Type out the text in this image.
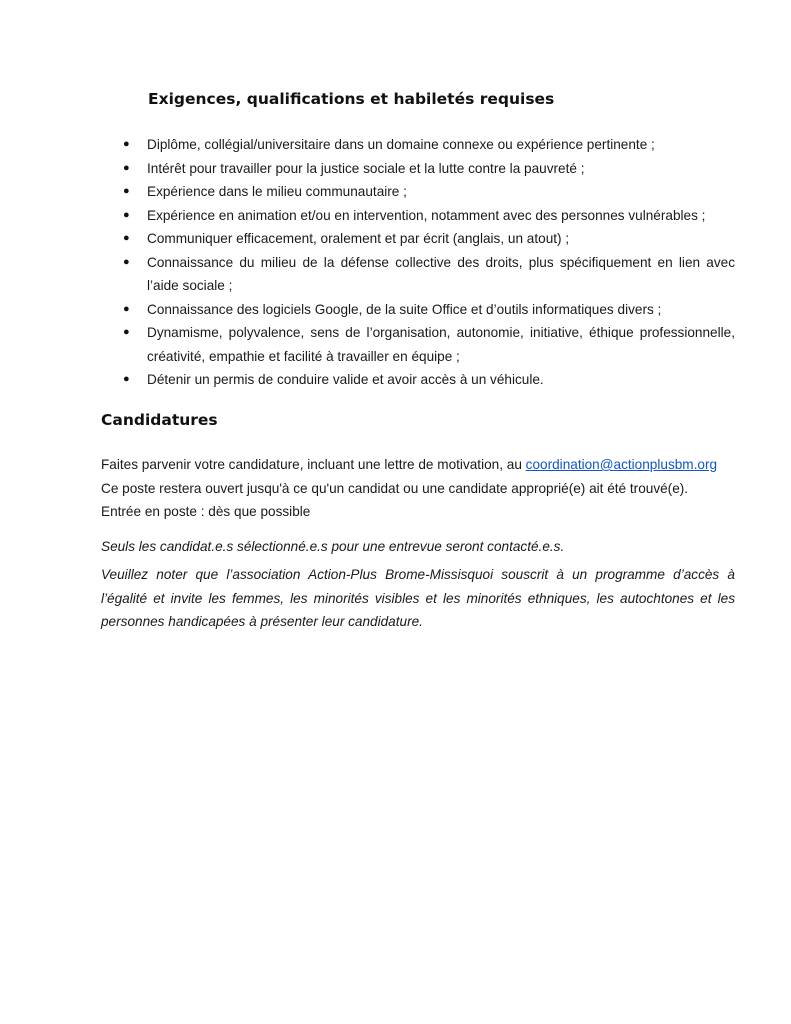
Exigences, qualifications et habiletés requises
● Diplôme, collégial/universitaire dans un domaine connexe ou expérience pertinente ;
● Intérêt pour travailler pour la justice sociale et la lutte contre la pauvreté ;
● Expérience dans le milieu communautaire ;
● Expérience en animation et/ou en intervention, notamment avec des personnes vulnérables ;
● Communiquer efficacement, oralement et par écrit (anglais, un atout) ;
● Connaissance du milieu de la défense collective des droits, plus spécifiquement en lien avec l’aide sociale ;
● Connaissance des logiciels Google, de la suite Office et d’outils informatiques divers ;
● Dynamisme, polyvalence, sens de l’organisation, autonomie, initiative, éthique professionnelle, créativité, empathie et facilité à travailler en équipe ;
● Détenir un permis de conduire valide et avoir accès à un véhicule.
Candidatures

Faites parvenir votre candidature, incluant une lettre de motivation, au coordination@actionplusbm.org

Ce poste restera ouvert jusqu'à ce qu'un candidat ou une candidate approprié(e) ait été trouvé(e).

Entrée en poste : dès que possible

Seuls les candidat.e.s sélectionné.e.s pour une entrevue seront contacté.e.s.

Veuillez noter que l’association Action-Plus Brome-Missisquoi souscrit à un programme d’accès à l’égalité et invite les femmes, les minorités visibles et les minorités ethniques, les autochtones et les personnes handicapées à présenter leur candidature.
